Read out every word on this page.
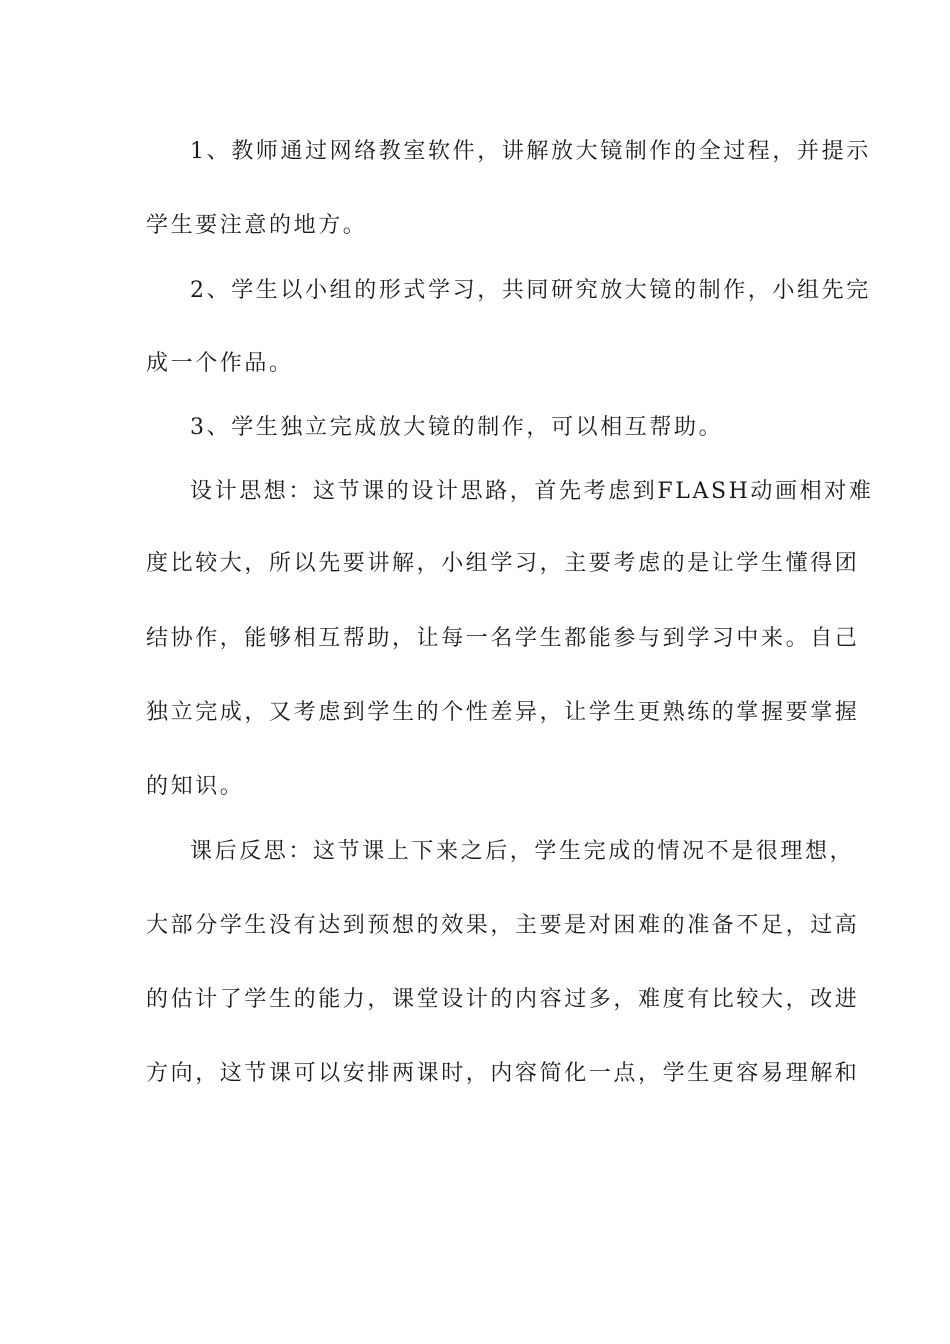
1、教师通过网络教室软件，讲解放大镜制作的全过程，并提示
学生要注意的地方。
2、学生以小组的形式学习，共同研究放大镜的制作，小组先完
成一个作品。
3、学生独立完成放大镜的制作，可以相互帮助。
设计思想：这节课的设计思路，首先考虑到FLASH动画相对难
度比较大，所以先要讲解，小组学习，主要考虑的是让学生懂得团
结协作，能够相互帮助，让每一名学生都能参与到学习中来。自己
独立完成，又考虑到学生的个性差异，让学生更熟练的掌握要掌握
的知识。
课后反思：这节课上下来之后，学生完成的情况不是很理想，
大部分学生没有达到预想的效果，主要是对困难的准备不足，过高
的估计了学生的能力，课堂设计的内容过多，难度有比较大，改进
方向，这节课可以安排两课时，内容简化一点，学生更容易理解和
